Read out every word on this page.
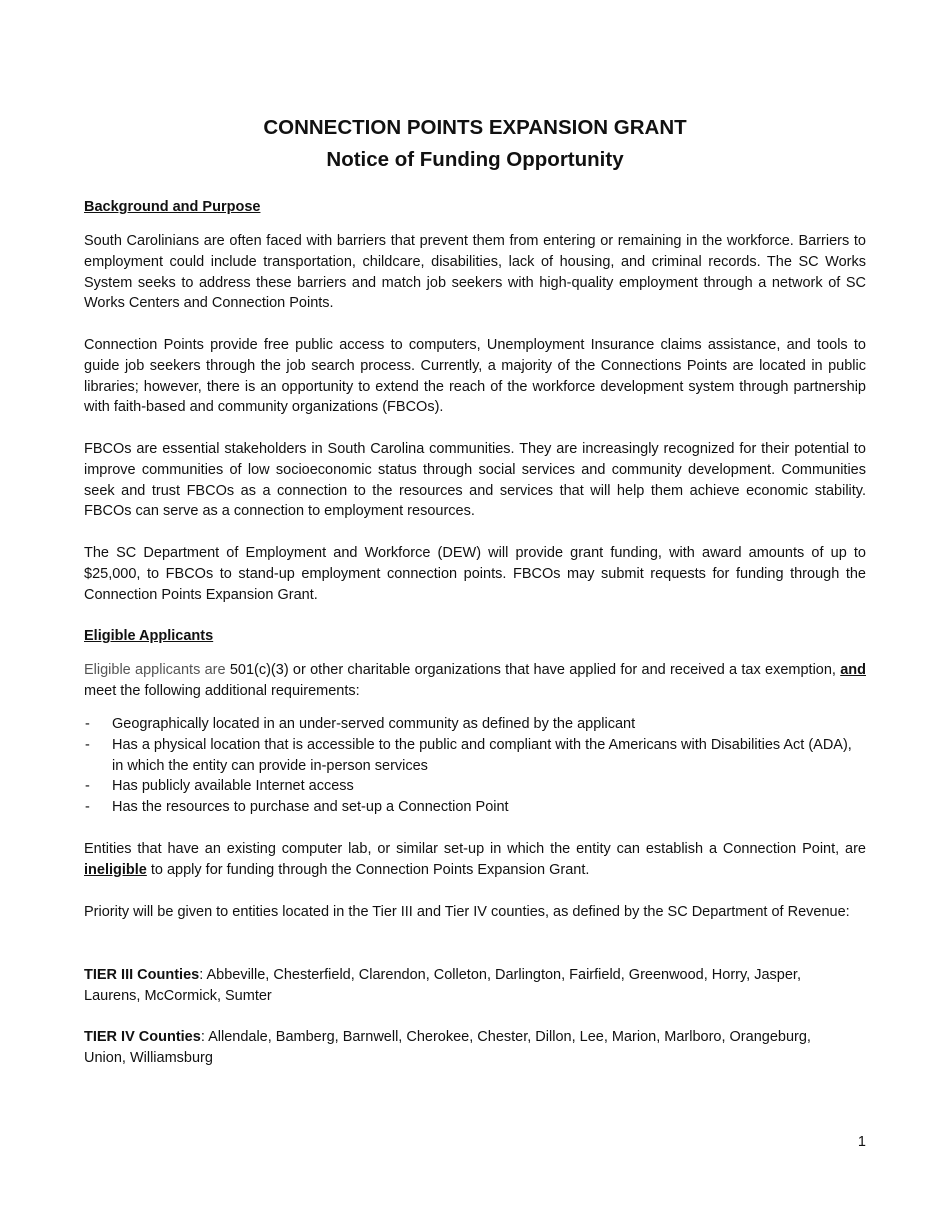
CONNECTION POINTS EXPANSION GRANT
Notice of Funding Opportunity
Background and Purpose

South Carolinians are often faced with barriers that prevent them from entering or remaining in the workforce. Barriers to employment could include transportation, childcare, disabilities, lack of housing, and criminal records. The SC Works System seeks to address these barriers and match job seekers with high-quality employment through a network of SC Works Centers and Connection Points.

Connection Points provide free public access to computers, Unemployment Insurance claims assistance, and tools to guide job seekers through the job search process. Currently, a majority of the Connections Points are located in public libraries; however, there is an opportunity to extend the reach of the workforce development system through partnership with faith-based and community organizations (FBCOs).

FBCOs are essential stakeholders in South Carolina communities. They are increasingly recognized for their potential to improve communities of low socioeconomic status through social services and community development. Communities seek and trust FBCOs as a connection to the resources and services that will help them achieve economic stability. FBCOs can serve as a connection to employment resources.

The SC Department of Employment and Workforce (DEW) will provide grant funding, with award amounts of up to $25,000, to FBCOs to stand-up employment connection points. FBCOs may submit requests for funding through the Connection Points Expansion Grant.

Eligible Applicants

Eligible applicants are 501(c)(3) or other charitable organizations that have applied for and received a tax exemption, and meet the following additional requirements:

- Geographically located in an under-served community as defined by the applicant
- Has a physical location that is accessible to the public and compliant with the Americans with Disabilities Act (ADA), in which the entity can provide in-person services
- Has publicly available Internet access
- Has the resources to purchase and set-up a Connection Point

Entities that have an existing computer lab, or similar set-up in which the entity can establish a Connection Point, are ineligible to apply for funding through the Connection Points Expansion Grant.

Priority will be given to entities located in the Tier III and Tier IV counties, as defined by the SC Department of Revenue:

TIER III Counties: Abbeville, Chesterfield, Clarendon, Colleton, Darlington, Fairfield, Greenwood, Horry, Jasper, Laurens, McCormick, Sumter

TIER IV Counties: Allendale, Bamberg, Barnwell, Cherokee, Chester, Dillon, Lee, Marion, Marlboro, Orangeburg, Union, Williamsburg

1
